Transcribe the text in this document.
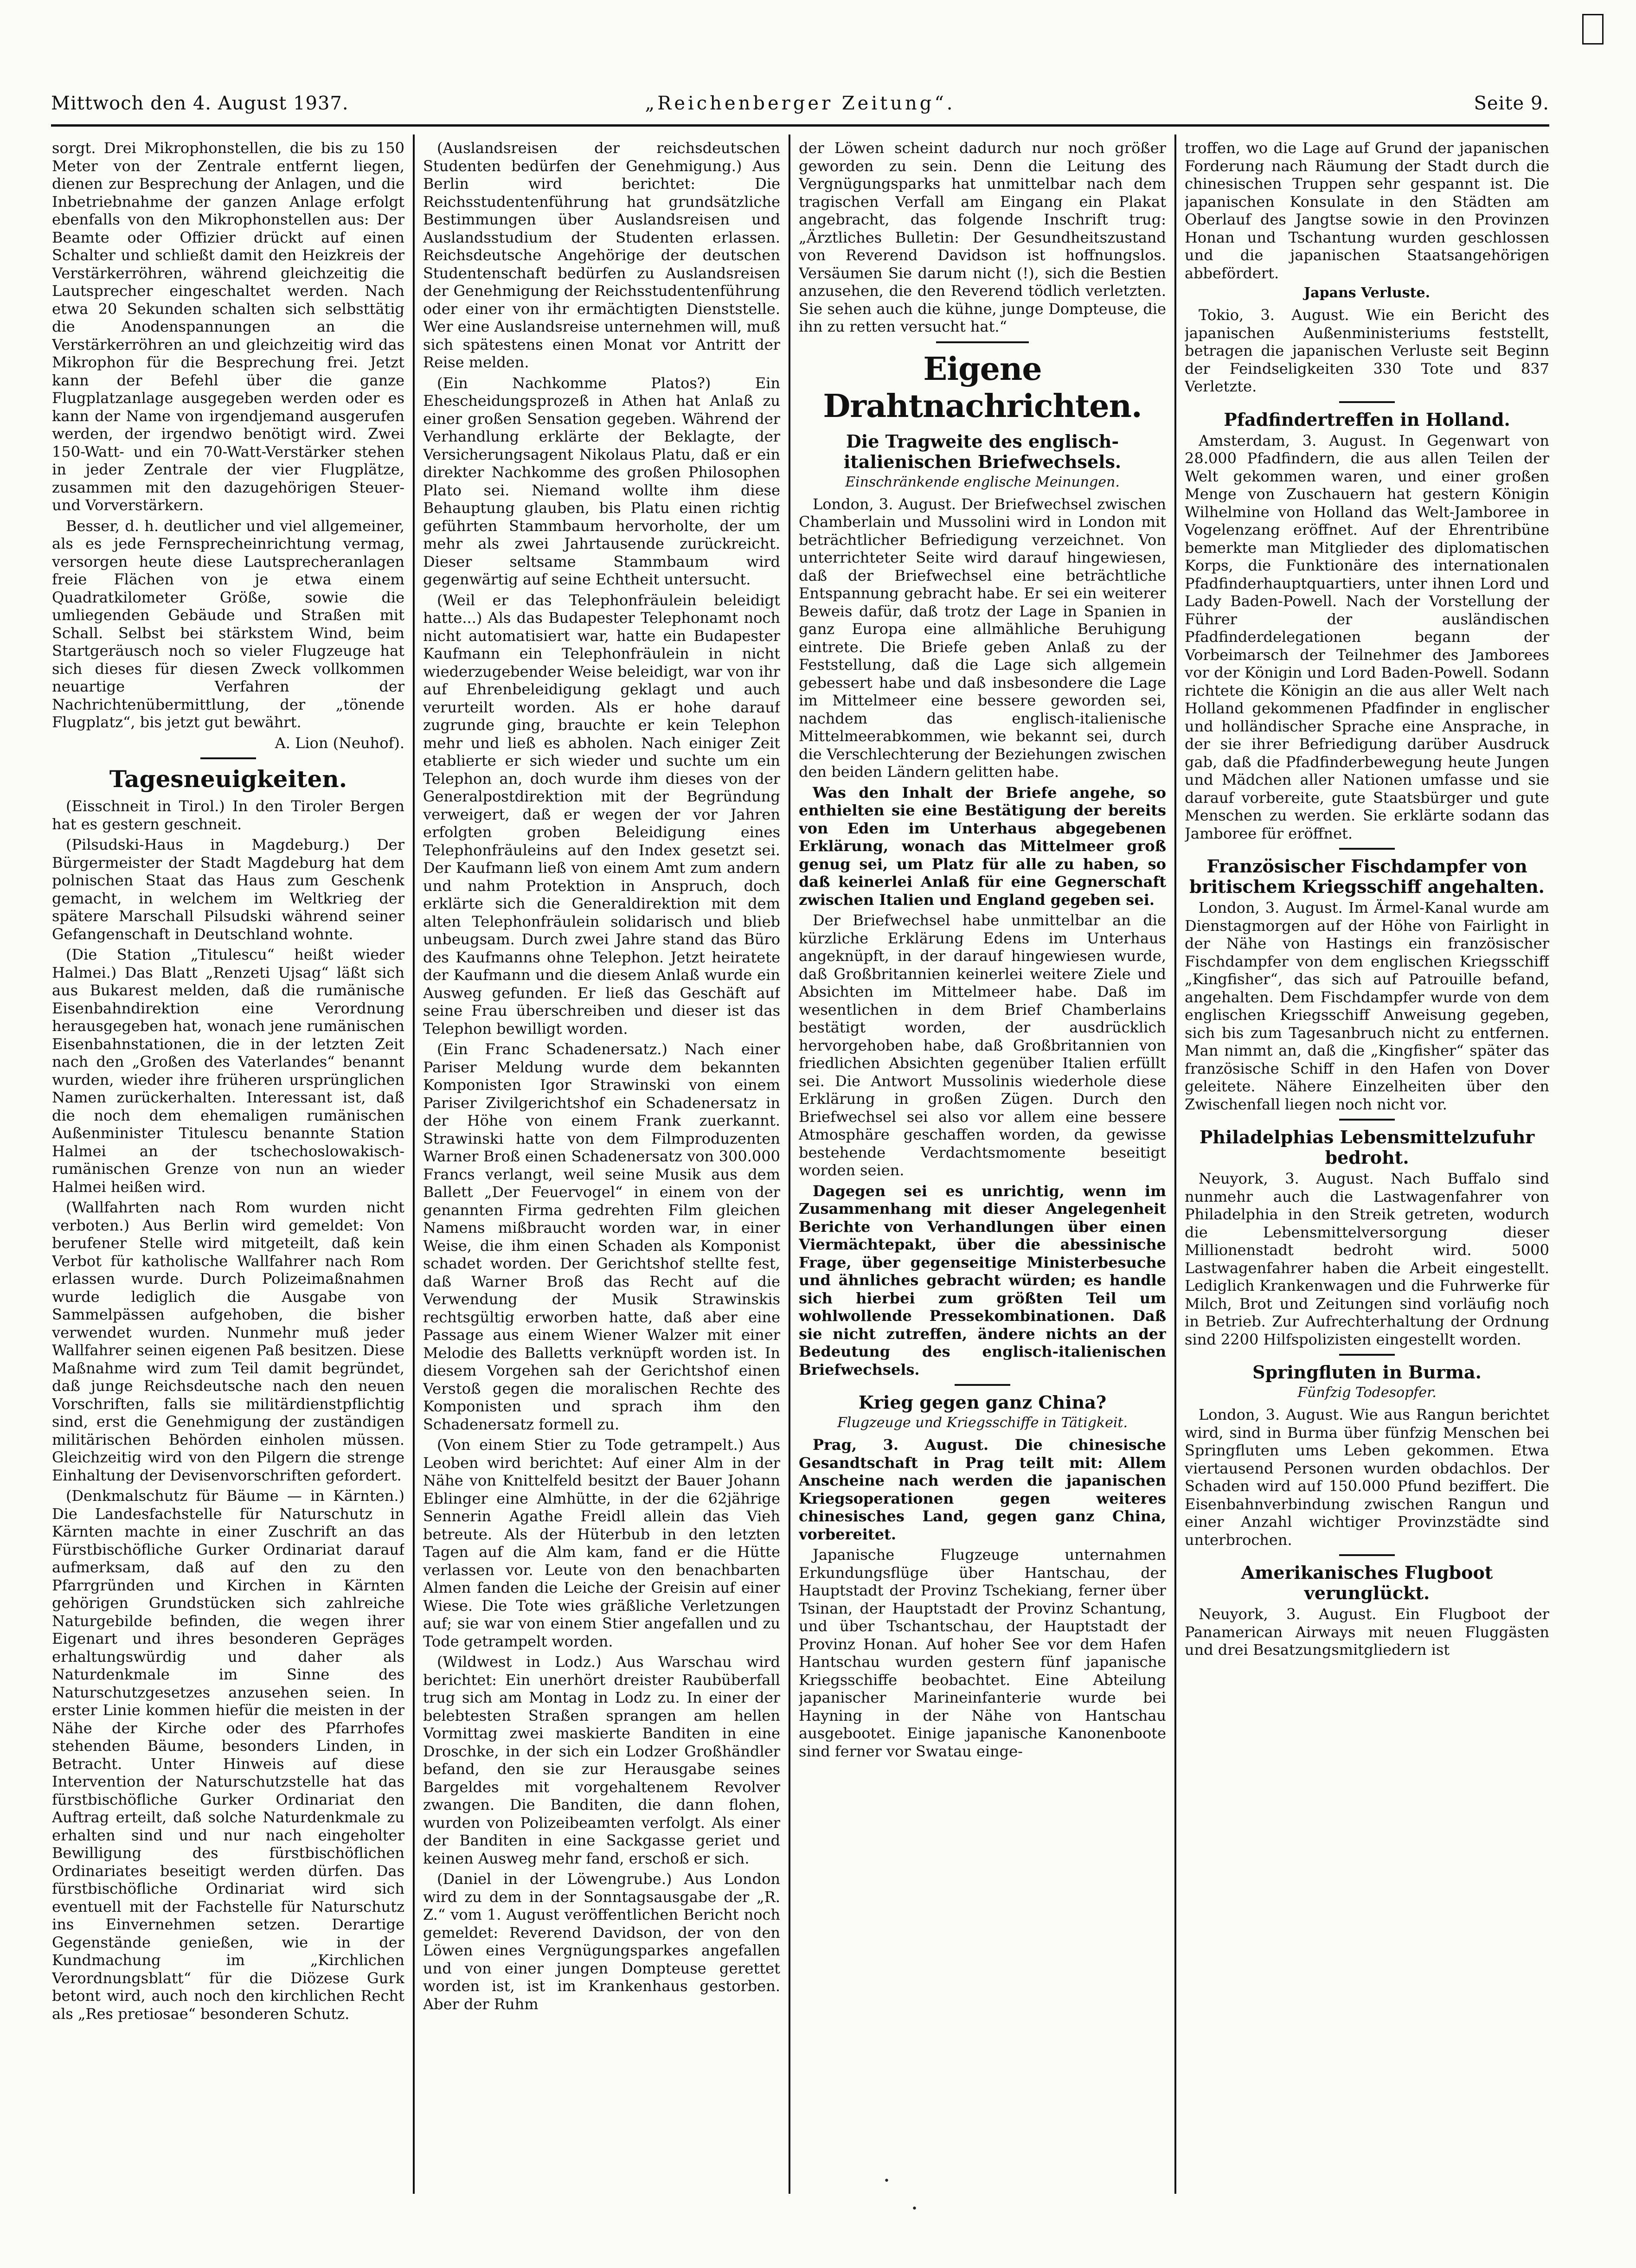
Mittwoch den 4. August 1937.	„Reichenberger Zeitung“.	Seite 9.

sorgt. Drei Mikrophonstellen, die bis zu 150 Meter von der Zentrale entfernt liegen, dienen zur Besprechung der Anlagen, und die Inbetriebnahme der ganzen Anlage erfolgt ebenfalls von den Mikrophonstellen aus: Der Beamte oder Offizier drückt auf einen Schalter und schließt damit den Heizkreis der Verstärkerröhren, während gleichzeitig die Lautsprecher eingeschaltet werden. Nach etwa 20 Sekunden schalten sich selbsttätig die Anodenspannungen an die Verstärkerröhren an und gleichzeitig wird das Mikrophon für die Besprechung frei. Jetzt kann der Befehl über die ganze Flugplatzanlage ausgegeben werden oder es kann der Name von irgendjemand ausgerufen werden, der irgendwo benötigt wird. Zwei 150-Watt- und ein 70-Watt-Verstärker stehen in jeder Zentrale der vier Flugplätze, zusammen mit den dazugehörigen Steuer- und Vorverstärkern.

Besser, d. h. deutlicher und viel allgemeiner, als es jede Fernsprecheinrichtung vermag, versorgen heute diese Lautsprecheranlagen freie Flächen von je etwa einem Quadratkilometer Größe, sowie die umliegenden Gebäude und Straßen mit Schall. Selbst bei stärkstem Wind, beim Startgeräusch noch so vieler Flugzeuge hat sich dieses für diesen Zweck vollkommen neuartige Verfahren der Nachrichtenübermittlung, der „tönende Flugplatz“, bis jetzt gut bewährt.

A. Lion (Neuhof).

Tagesneuigkeiten.

(Eisschneit in Tirol.) In den Tiroler Bergen hat es gestern geschneit.

(Pilsudski-Haus in Magdeburg.) Der Bürgermeister der Stadt Magdeburg hat dem polnischen Staat das Haus zum Geschenk gemacht, in welchem im Weltkrieg der spätere Marschall Pilsudski während seiner Gefangenschaft in Deutschland wohnte.

(Die Station „Titulescu“ heißt wieder Halmei.) Das Blatt „Renzeti Ujsag“ läßt sich aus Bukarest melden, daß die rumänische Eisenbahndirektion eine Verordnung herausgegeben hat, wonach jene rumänischen Eisenbahnstationen, die in der letzten Zeit nach den „Großen des Vaterlandes“ benannt wurden, wieder ihre früheren ursprünglichen Namen zurückerhalten. Interessant ist, daß die noch dem ehemaligen rumänischen Außenminister Titulescu benannte Station Halmei an der tschechoslowakisch-rumänischen Grenze von nun an wieder Halmei heißen wird.

(Wallfahrten nach Rom wurden nicht verboten.) Aus Berlin wird gemeldet: Von berufener Stelle wird mitgeteilt, daß kein Verbot für katholische Wallfahrer nach Rom erlassen wurde. Durch Polizeimaßnahmen wurde lediglich die Ausgabe von Sammelpässen aufgehoben, die bisher verwendet wurden. Nunmehr muß jeder Wallfahrer seinen eigenen Paß besitzen. Diese Maßnahme wird zum Teil damit begründet, daß junge Reichsdeutsche nach den neuen Vorschriften, falls sie militärdienstpflichtig sind, erst die Genehmigung der zuständigen militärischen Behörden einholen müssen. Gleichzeitig wird von den Pilgern die strenge Einhaltung der Devisenvorschriften gefordert.

(Denkmalschutz für Bäume — in Kärnten.) Die Landesfachstelle für Naturschutz in Kärnten machte in einer Zuschrift an das Fürstbischöfliche Gurker Ordinariat darauf aufmerksam, daß auf den zu den Pfarrgründen und Kirchen in Kärnten gehörigen Grundstücken sich zahlreiche Naturgebilde befinden, die wegen ihrer Eigenart und ihres besonderen Gepräges erhaltungswürdig und daher als Naturdenkmale im Sinne des Naturschutzgesetzes anzusehen seien. In erster Linie kommen hiefür die meisten in der Nähe der Kirche oder des Pfarrhofes stehenden Bäume, besonders Linden, in Betracht. Unter Hinweis auf diese Intervention der Naturschutzstelle hat das fürstbischöfliche Gurker Ordinariat den Auftrag erteilt, daß solche Naturdenkmale zu erhalten sind und nur nach eingeholter Bewilligung des fürstbischöflichen Ordinariates beseitigt werden dürfen. Das fürstbischöfliche Ordinariat wird sich eventuell mit der Fachstelle für Naturschutz ins Einvernehmen setzen. Derartige Gegenstände genießen, wie in der Kundmachung im „Kirchlichen Verordnungsblatt“ für die Diözese Gurk betont wird, auch noch den kirchlichen Recht als „Res pretiosae“ besonderen Schutz.

(Auslandsreisen der reichsdeutschen Studenten bedürfen der Genehmigung.) Aus Berlin wird berichtet: Die Reichsstudentenführung hat grundsätzliche Bestimmungen über Auslandsreisen und Auslandsstudium der Studenten erlassen. Reichsdeutsche Angehörige der deutschen Studentenschaft bedürfen zu Auslandsreisen der Genehmigung der Reichsstudentenführung oder einer von ihr ermächtigten Dienststelle. Wer eine Auslandsreise unternehmen will, muß sich spätestens einen Monat vor Antritt der Reise melden.

(Ein Nachkomme Platos?) Ein Ehescheidungsprozeß in Athen hat Anlaß zu einer großen Sensation gegeben. Während der Verhandlung erklärte der Beklagte, der Versicherungsagent Nikolaus Platu, daß er ein direkter Nachkomme des großen Philosophen Plato sei. Niemand wollte ihm diese Behauptung glauben, bis Platu einen richtig geführten Stammbaum hervorholte, der um mehr als zwei Jahrtausende zurückreicht. Dieser seltsame Stammbaum wird gegenwärtig auf seine Echtheit untersucht.

(Weil er das Telephonfräulein beleidigt hatte...) Als das Budapester Telephonamt noch nicht automatisiert war, hatte ein Budapester Kaufmann ein Telephonfräulein in nicht wiederzugebender Weise beleidigt, war von ihr auf Ehrenbeleidigung geklagt und auch verurteilt worden. Als er hohe darauf zugrunde ging, brauchte er kein Telephon mehr und ließ es abholen. Nach einiger Zeit etablierte er sich wieder und suchte um ein Telephon an, doch wurde ihm dieses von der Generalpostdirektion mit der Begründung verweigert, daß er wegen der vor Jahren erfolgten groben Beleidigung eines Telephonfräuleins auf den Index gesetzt sei. Der Kaufmann ließ von einem Amt zum andern und nahm Protektion in Anspruch, doch erklärte sich die Generaldirektion mit dem alten Telephonfräulein solidarisch und blieb unbeugsam. Durch zwei Jahre stand das Büro des Kaufmanns ohne Telephon. Jetzt heiratete der Kaufmann und die diesem Anlaß wurde ein Ausweg gefunden. Er ließ das Geschäft auf seine Frau überschreiben und dieser ist das Telephon bewilligt worden.

(Ein Franc Schadenersatz.) Nach einer Pariser Meldung wurde dem bekannten Komponisten Igor Strawinski von einem Pariser Zivilgerichtshof ein Schadenersatz in der Höhe von einem Frank zuerkannt. Strawinski hatte von dem Filmproduzenten Warner Broß einen Schadenersatz von 300.000 Francs verlangt, weil seine Musik aus dem Ballett „Der Feuervogel“ in einem von der genannten Firma gedrehten Film gleichen Namens mißbraucht worden war, in einer Weise, die ihm einen Schaden als Komponist schadet worden. Der Gerichtshof stellte fest, daß Warner Broß das Recht auf die Verwendung der Musik Strawinskis rechtsgültig erworben hatte, daß aber eine Passage aus einem Wiener Walzer mit einer Melodie des Balletts verknüpft worden ist. In diesem Vorgehen sah der Gerichtshof einen Verstoß gegen die moralischen Rechte des Komponisten und sprach ihm den Schadenersatz formell zu.

(Von einem Stier zu Tode getrampelt.) Aus Leoben wird berichtet: Auf einer Alm in der Nähe von Knittelfeld besitzt der Bauer Johann Eblinger eine Almhütte, in der die 62jährige Sennerin Agathe Freidl allein das Vieh betreute. Als der Hüterbub in den letzten Tagen auf die Alm kam, fand er die Hütte verlassen vor. Leute von den benachbarten Almen fanden die Leiche der Greisin auf einer Wiese. Die Tote wies gräßliche Verletzungen auf; sie war von einem Stier angefallen und zu Tode getrampelt worden.

(Wildwest in Lodz.) Aus Warschau wird berichtet: Ein unerhört dreister Raubüberfall trug sich am Montag in Lodz zu. In einer der belebtesten Straßen sprangen am hellen Vormittag zwei maskierte Banditen in eine Droschke, in der sich ein Lodzer Großhändler befand, den sie zur Herausgabe seines Bargeldes mit vorgehaltenem Revolver zwangen. Die Banditen, die dann flohen, wurden von Polizeibeamten verfolgt. Als einer der Banditen in eine Sackgasse geriet und keinen Ausweg mehr fand, erschoß er sich.

(Daniel in der Löwengrube.) Aus London wird zu dem in der Sonntagsausgabe der „R. Z.“ vom 1. August veröffentlichen Bericht noch gemeldet: Reverend Davidson, der von den Löwen eines Vergnügungsparkes angefallen und von einer jungen Dompteuse gerettet worden ist, ist im Krankenhaus gestorben. Aber der Ruhm

der Löwen scheint dadurch nur noch größer geworden zu sein. Denn die Leitung des Vergnügungsparks hat unmittelbar nach dem tragischen Verfall am Eingang ein Plakat angebracht, das folgende Inschrift trug: „Ärztliches Bulletin: Der Gesundheitszustand von Reverend Davidson ist hoffnungslos. Versäumen Sie darum nicht (!), sich die Bestien anzusehen, die den Reverend tödlich verletzten. Sie sehen auch die kühne, junge Dompteuse, die ihn zu retten versucht hat.“

Eigene Drahtnachrichten.
Die Tragweite des englisch-italienischen Briefwechsels.
Einschränkende englische Meinungen.

London, 3. August. Der Briefwechsel zwischen Chamberlain und Mussolini wird in London mit beträchtlicher Befriedigung verzeichnet. Von unterrichteter Seite wird darauf hingewiesen, daß der Briefwechsel eine beträchtliche Entspannung gebracht habe. Er sei ein weiterer Beweis dafür, daß trotz der Lage in Spanien in ganz Europa eine allmähliche Beruhigung eintrete. Die Briefe geben Anlaß zu der Feststellung, daß die Lage sich allgemein gebessert habe und daß insbesondere die Lage im Mittelmeer eine bessere geworden sei, nachdem das englisch-italienische Mittelmeerabkommen, wie bekannt sei, durch die Verschlechterung der Beziehungen zwischen den beiden Ländern gelitten habe.

Was den Inhalt der Briefe angehe, so enthielten sie eine Bestätigung der bereits von Eden im Unterhaus abgegebenen Erklärung, wonach das Mittelmeer groß genug sei, um Platz für alle zu haben, so daß keinerlei Anlaß für eine Gegnerschaft zwischen Italien und England gegeben sei.

Der Briefwechsel habe unmittelbar an die kürzliche Erklärung Edens im Unterhaus angeknüpft, in der darauf hingewiesen wurde, daß Großbritannien keinerlei weitere Ziele und Absichten im Mittelmeer habe. Daß im wesentlichen in dem Brief Chamberlains bestätigt worden, der ausdrücklich hervorgehoben habe, daß Großbritannien von friedlichen Absichten gegenüber Italien erfüllt sei. Die Antwort Mussolinis wiederhole diese Erklärung in großen Zügen. Durch den Briefwechsel sei also vor allem eine bessere Atmosphäre geschaffen worden, da gewisse bestehende Verdachtsmomente beseitigt worden seien.

Dagegen sei es unrichtig, wenn im Zusammenhang mit dieser Angelegenheit Berichte von Verhandlungen über einen Viermächtepakt, über die abessinische Frage, über gegenseitige Ministerbesuche und ähnliches gebracht würden; es handle sich hierbei zum größten Teil um wohlwollende Pressekombinationen. Daß sie nicht zutreffen, ändere nichts an der Bedeutung des englisch-italienischen Briefwechsels.

Krieg gegen ganz China?
Flugzeuge und Kriegsschiffe in Tätigkeit.

Prag, 3. August. Die chinesische Gesandtschaft in Prag teilt mit: Allem Anscheine nach werden die japanischen Kriegsoperationen gegen weiteres chinesisches Land, gegen ganz China, vorbereitet.

Japanische Flugzeuge unternahmen Erkundungsflüge über Hantschau, der Hauptstadt der Provinz Tschekiang, ferner über Tsinan, der Hauptstadt der Provinz Schantung, und über Tschantschau, der Hauptstadt der Provinz Honan. Auf hoher See vor dem Hafen Hantschau wurden gestern fünf japanische Kriegsschiffe beobachtet. Eine Abteilung japanischer Marineinfanterie wurde bei Hayning in der Nähe von Hantschau ausgebootet. Einige japanische Kanonenboote sind ferner vor Swatau einge-

troffen, wo die Lage auf Grund der japanischen Forderung nach Räumung der Stadt durch die chinesischen Truppen sehr gespannt ist. Die japanischen Konsulate in den Städten am Oberlauf des Jangtse sowie in den Provinzen Honan und Tschantung wurden geschlossen und die japanischen Staatsangehörigen abbefördert.

Japans Verluste.

Tokio, 3. August. Wie ein Bericht des japanischen Außenministeriums feststellt, betragen die japanischen Verluste seit Beginn der Feindseligkeiten 330 Tote und 837 Verletzte.

Pfadfindertreffen in Holland.

Amsterdam, 3. August. In Gegenwart von 28.000 Pfadfindern, die aus allen Teilen der Welt gekommen waren, und einer großen Menge von Zuschauern hat gestern Königin Wilhelmine von Holland das Welt-Jamboree in Vogelenzang eröffnet. Auf der Ehrentribüne bemerkte man Mitglieder des diplomatischen Korps, die Funktionäre des internationalen Pfadfinderhauptquartiers, unter ihnen Lord und Lady Baden-Powell. Nach der Vorstellung der Führer der ausländischen Pfadfinderdelegationen begann der Vorbeimarsch der Teilnehmer des Jamborees vor der Königin und Lord Baden-Powell. Sodann richtete die Königin an die aus aller Welt nach Holland gekommenen Pfadfinder in englischer und holländischer Sprache eine Ansprache, in der sie ihrer Befriedigung darüber Ausdruck gab, daß die Pfadfinderbewegung heute Jungen und Mädchen aller Nationen umfasse und sie darauf vorbereite, gute Staatsbürger und gute Menschen zu werden. Sie erklärte sodann das Jamboree für eröffnet.

Französischer Fischdampfer von britischem Kriegsschiff angehalten.

London, 3. August. Im Ärmel-Kanal wurde am Dienstagmorgen auf der Höhe von Fairlight in der Nähe von Hastings ein französischer Fischdampfer von dem englischen Kriegsschiff „Kingfisher“, das sich auf Patrouille befand, angehalten. Dem Fischdampfer wurde von dem englischen Kriegsschiff Anweisung gegeben, sich bis zum Tagesanbruch nicht zu entfernen. Man nimmt an, daß die „Kingfisher“ später das französische Schiff in den Hafen von Dover geleitete. Nähere Einzelheiten über den Zwischenfall liegen noch nicht vor.

Philadelphias Lebensmittelzufuhr bedroht.

Neuyork, 3. August. Nach Buffalo sind nunmehr auch die Lastwagenfahrer von Philadelphia in den Streik getreten, wodurch die Lebensmittelversorgung dieser Millionenstadt bedroht wird. 5000 Lastwagenfahrer haben die Arbeit eingestellt. Lediglich Krankenwagen und die Fuhrwerke für Milch, Brot und Zeitungen sind vorläufig noch in Betrieb. Zur Aufrechterhaltung der Ordnung sind 2200 Hilfspolizisten eingestellt worden.

Springfluten in Burma.
Fünfzig Todesopfer.

London, 3. August. Wie aus Rangun berichtet wird, sind in Burma über fünfzig Menschen bei Springfluten ums Leben gekommen. Etwa viertausend Personen wurden obdachlos. Der Schaden wird auf 150.000 Pfund beziffert. Die Eisenbahnverbindung zwischen Rangun und einer Anzahl wichtiger Provinzstädte sind unterbrochen.

Amerikanisches Flugboot verunglückt.

Neuyork, 3. August. Ein Flugboot der Panamerican Airways mit neuen Fluggästen und drei Besatzungsmitgliedern ist

•
•
